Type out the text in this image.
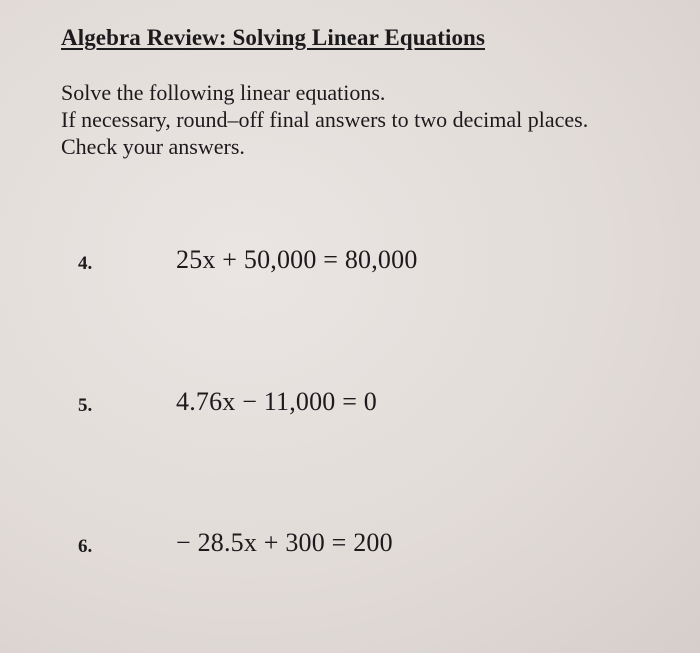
Algebra Review: Solving Linear Equations
Solve the following linear equations.
If necessary, round–off final answers to two decimal places.
Check your answers.
4.	25x + 50,000 = 80,000
5.	4.76x − 11,000 = 0
6.	− 28.5x + 300 = 200
